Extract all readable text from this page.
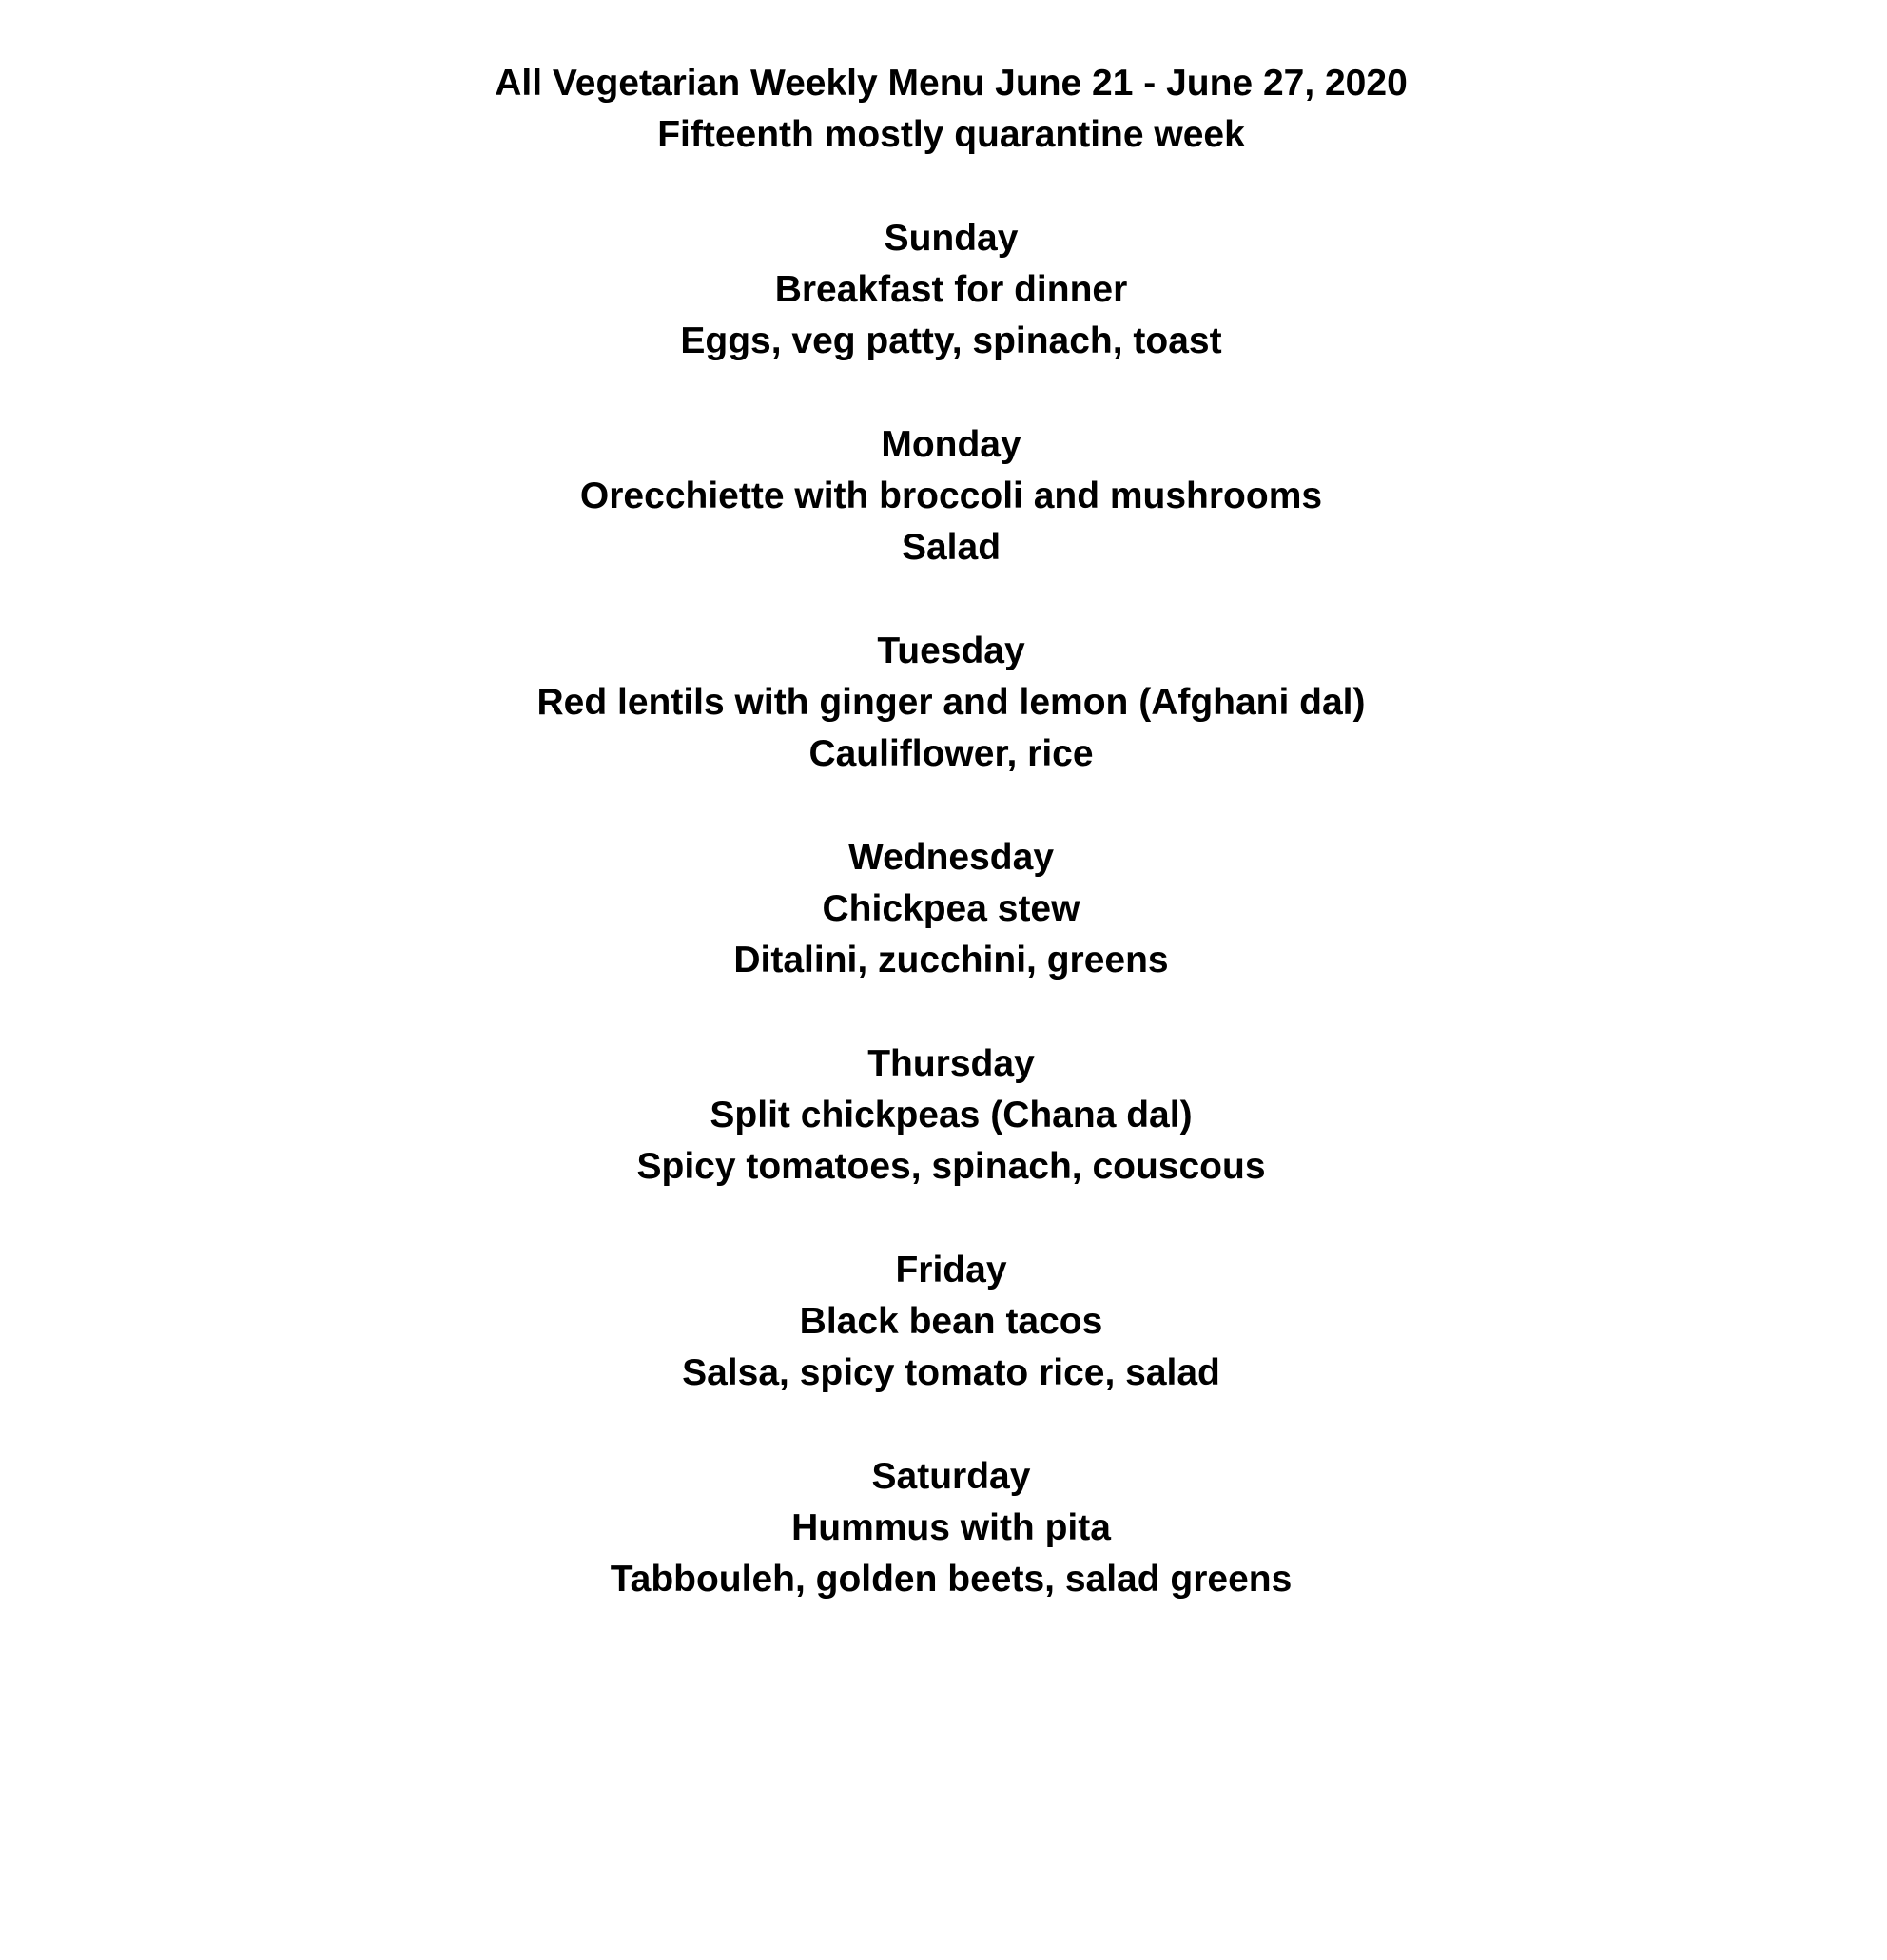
All Vegetarian Weekly Menu June 21 - June 27, 2020
Fifteenth mostly quarantine week
Sunday
Breakfast for dinner
Eggs, veg patty, spinach, toast
Monday
Orecchiette with broccoli and mushrooms
Salad
Tuesday
Red lentils with ginger and lemon (Afghani dal)
Cauliflower, rice
Wednesday
Chickpea stew
Ditalini, zucchini, greens
Thursday
Split chickpeas (Chana dal)
Spicy tomatoes, spinach, couscous
Friday
Black bean tacos
Salsa, spicy tomato rice, salad
Saturday
Hummus with pita
Tabbouleh, golden beets, salad greens
